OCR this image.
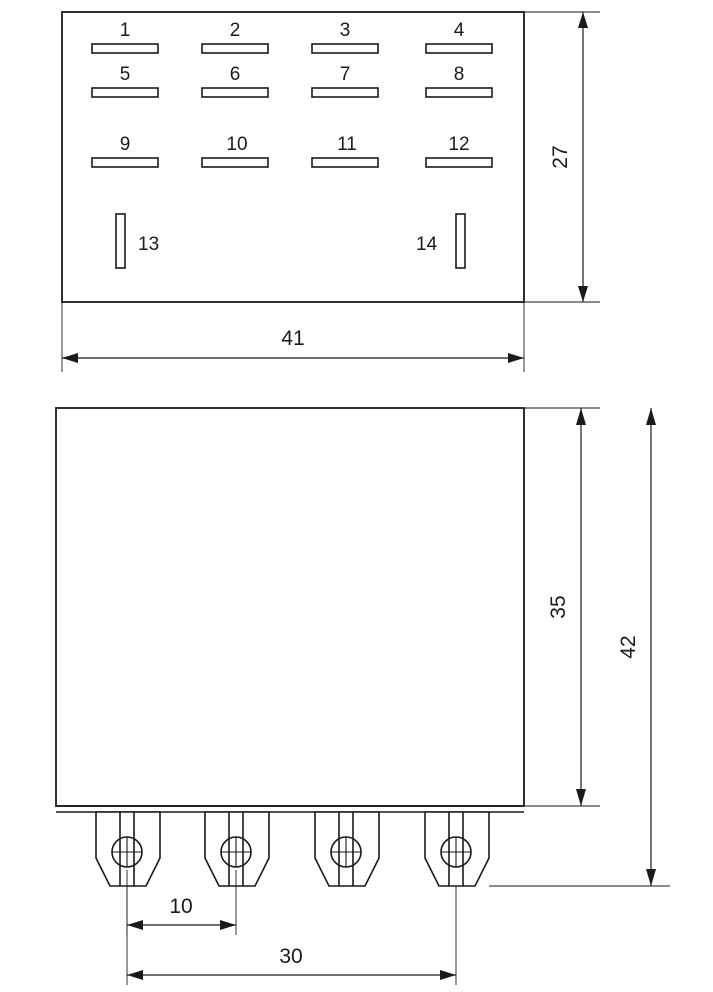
1	2	3	4
5	6	7	8
9	10	11	12
13	14
27
41
35
42
10
30
